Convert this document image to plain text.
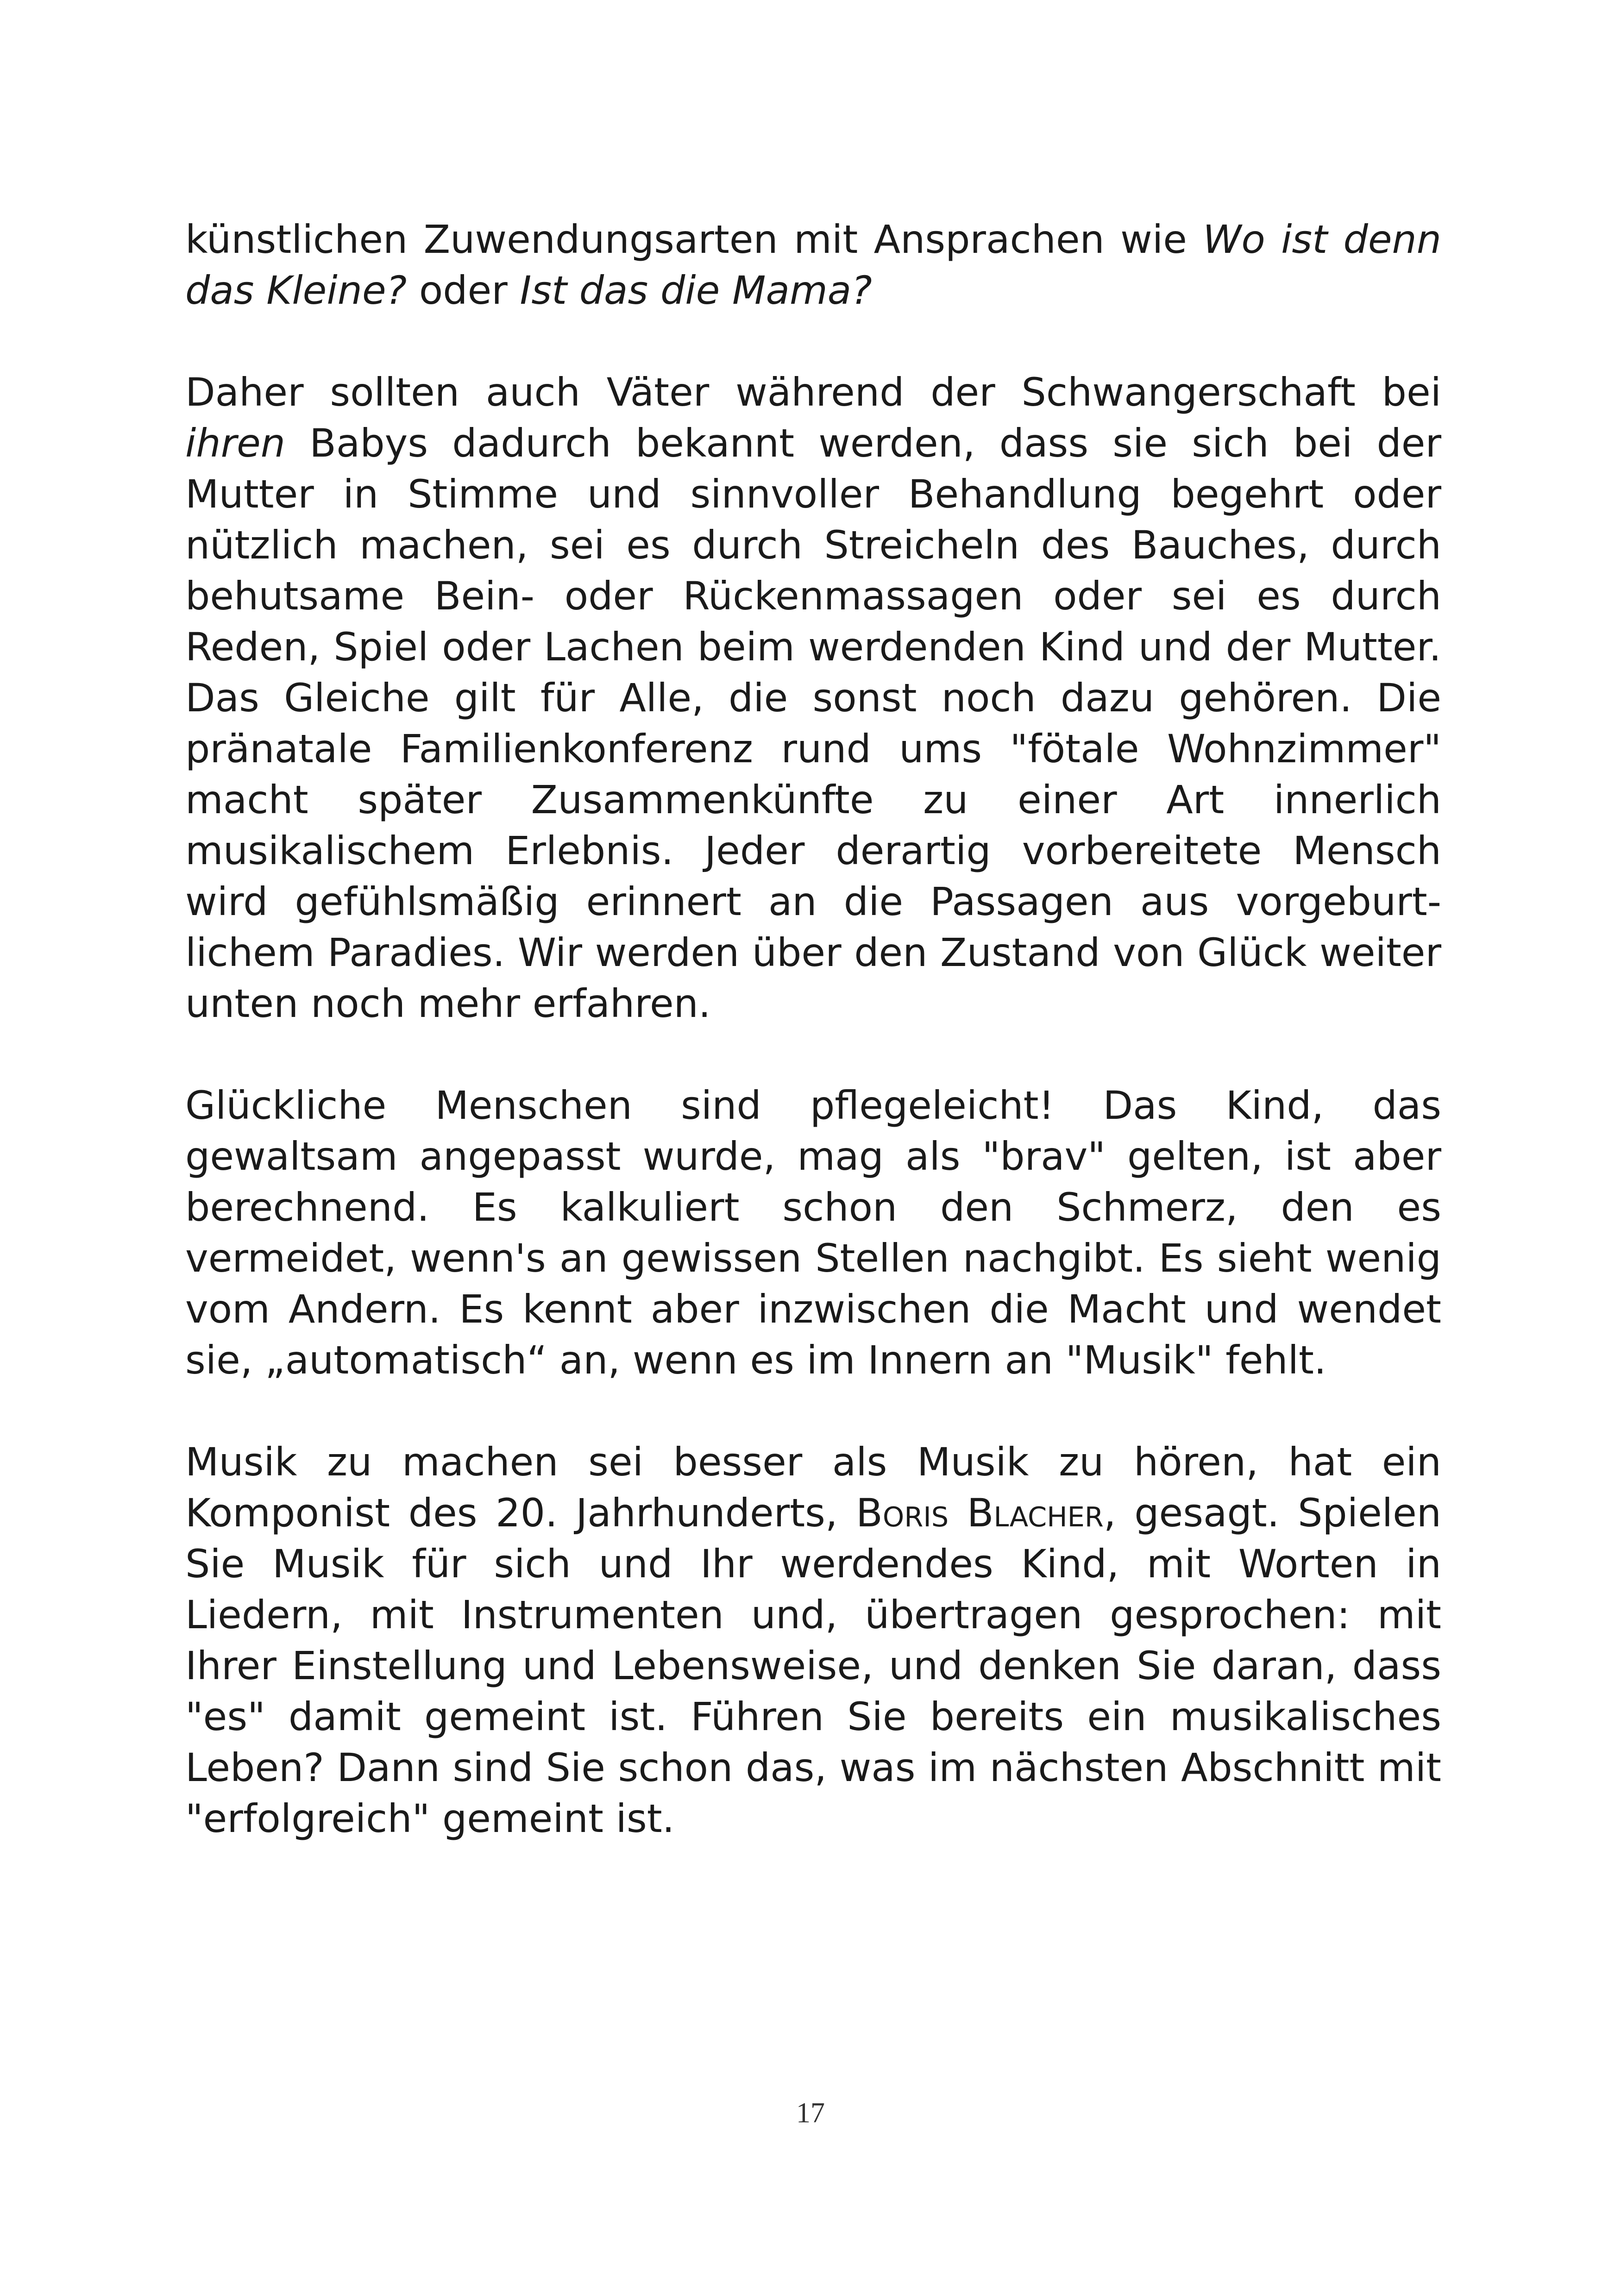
künstlichen Zuwendungsarten mit Ansprachen wie Wo ist denn das Kleine? oder Ist das die Mama?

Daher sollten auch Väter während der Schwangerschaft bei ihren Babys dadurch bekannt werden, dass sie sich bei der Mutter in Stimme und sinnvoller Behandlung begehrt oder nützlich machen, sei es durch Streicheln des Bauches, durch behutsame Bein- oder Rückenmassagen oder sei es durch Reden, Spiel oder Lachen beim werdenden Kind und der Mutter. Das Gleiche gilt für Alle, die sonst noch dazu gehören. Die pränatale Familienkonferenz rund ums "fötale Wohnzimmer" macht später Zusammenkünfte zu einer Art innerlich musikalischem Erlebnis. Jeder derartig vorbereitete Mensch wird gefühlsmäßig erinnert an die Passagen aus vorgeburtlichem Paradies. Wir werden über den Zustand von Glück weiter unten noch mehr erfahren.

Glückliche Menschen sind pflegeleicht! Das Kind, das gewaltsam angepasst wurde, mag als "brav" gelten, ist aber berechnend. Es kalkuliert schon den Schmerz, den es vermeidet, wenn's an gewissen Stellen nachgibt. Es sieht wenig vom Andern. Es kennt aber inzwischen die Macht und wendet sie, „automatisch“ an, wenn es im Innern an "Musik" fehlt.

Musik zu machen sei besser als Musik zu hören, hat ein Komponist des 20. Jahrhunderts, Boris Blacher, gesagt. Spielen Sie Musik für sich und Ihr werdendes Kind, mit Worten in Liedern, mit Instrumenten und, übertragen gesprochen: mit Ihrer Einstellung und Lebensweise, und denken Sie daran, dass "es" damit gemeint ist. Führen Sie bereits ein musikalisches Leben? Dann sind Sie schon das, was im nächsten Abschnitt mit "erfolgreich" gemeint ist.

17
